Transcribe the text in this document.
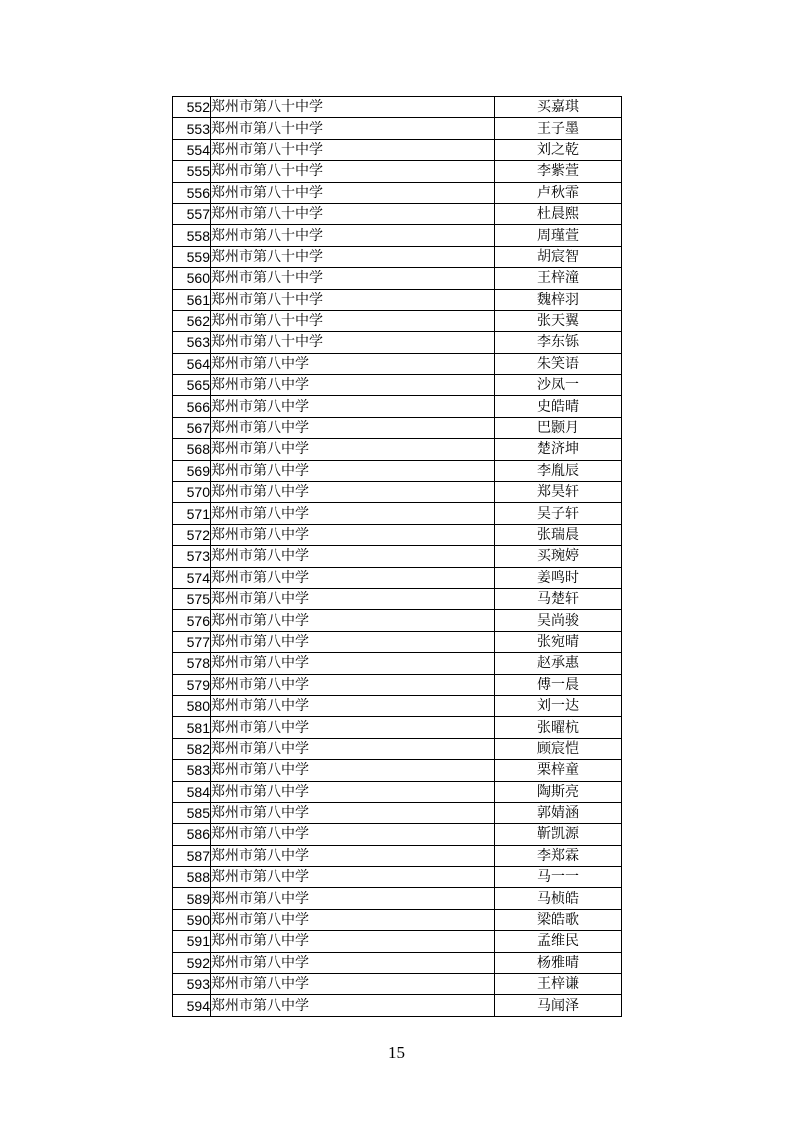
552	郑州市第八十中学	买嘉琪
553	郑州市第八十中学	王子墨
554	郑州市第八十中学	刘之乾
555	郑州市第八十中学	李紫萱
556	郑州市第八十中学	卢秋霏
557	郑州市第八十中学	杜晨熙
558	郑州市第八十中学	周瑾萱
559	郑州市第八十中学	胡宸智
560	郑州市第八十中学	王梓潼
561	郑州市第八十中学	魏梓羽
562	郑州市第八十中学	张天翼
563	郑州市第八十中学	李东铄
564	郑州市第八中学	朱笑语
565	郑州市第八中学	沙凤一
566	郑州市第八中学	史皓晴
567	郑州市第八中学	巴颢月
568	郑州市第八中学	楚济坤
569	郑州市第八中学	李胤辰
570	郑州市第八中学	郑昊轩
571	郑州市第八中学	吴子轩
572	郑州市第八中学	张瑞晨
573	郑州市第八中学	买琬婷
574	郑州市第八中学	姜鸣时
575	郑州市第八中学	马楚轩
576	郑州市第八中学	吴尚骏
577	郑州市第八中学	张宛晴
578	郑州市第八中学	赵承惠
579	郑州市第八中学	傅一晨
580	郑州市第八中学	刘一达
581	郑州市第八中学	张曜杭
582	郑州市第八中学	顾宸恺
583	郑州市第八中学	栗梓童
584	郑州市第八中学	陶斯亮
585	郑州市第八中学	郭婧涵
586	郑州市第八中学	靳凯源
587	郑州市第八中学	李郑霖
588	郑州市第八中学	马一一
589	郑州市第八中学	马桢皓
590	郑州市第八中学	梁皓歌
591	郑州市第八中学	孟维民
592	郑州市第八中学	杨雅晴
593	郑州市第八中学	王梓谦
594	郑州市第八中学	马闻泽
15
